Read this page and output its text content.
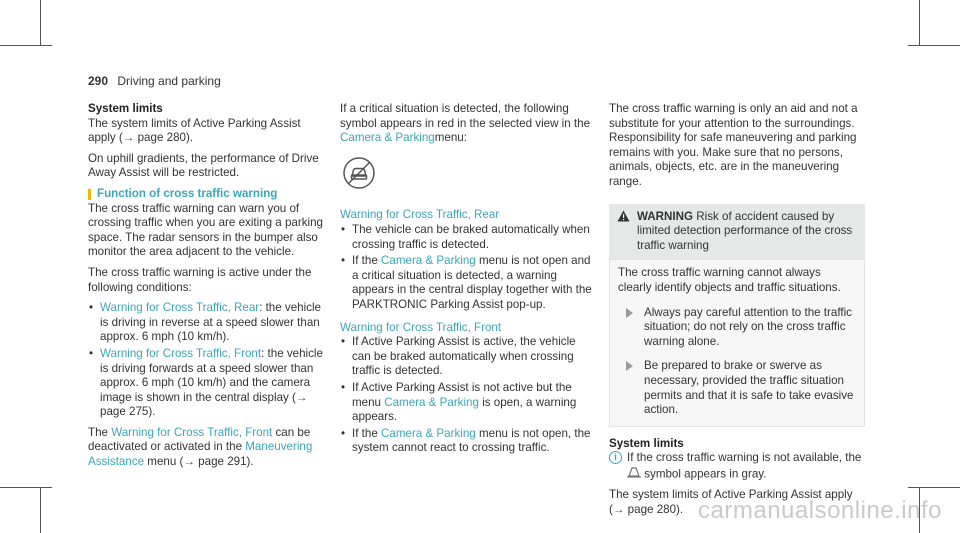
290 Driving and parking

System limits

The system limits of Active Parking Assist apply (→ page 280).

On uphill gradients, the performance of Drive Away Assist will be restricted.

Function of cross traffic warning

The cross traffic warning can warn you of crossing traffic when you are exiting a parking space. The radar sensors in the bumper also monitor the area adjacent to the vehicle.

The cross traffic warning is active under the following conditions:

• Warning for Cross Traffic, Rear: the vehicle is driving in reverse at a speed slower than approx. 6 mph (10 km/h).
• Warning for Cross Traffic, Front: the vehicle is driving forwards at a speed slower than approx. 6 mph (10 km/h) and the camera image is shown in the central display (→ page 275).

The Warning for Cross Traffic, Front can be deactivated or activated in the Maneuvering Assistance menu (→ page 291).

If a critical situation is detected, the following symbol appears in red in the selected view in the Camera & Parkingmenu:

Warning for Cross Traffic, Rear

• The vehicle can be braked automatically when crossing traffic is detected.
• If the Camera & Parking menu is not open and a critical situation is detected, a warning appears in the central display together with the PARKTRONIC Parking Assist pop-up.

Warning for Cross Traffic, Front

• If Active Parking Assist is active, the vehicle can be braked automatically when crossing traffic is detected.
• If Active Parking Assist is not active but the menu Camera & Parking is open, a warning appears.
• If the Camera & Parking menu is not open, the system cannot react to crossing traffic.

The cross traffic warning is only an aid and not a substitute for your attention to the surroundings. Responsibility for safe maneuvering and parking remains with you. Make sure that no persons, animals, objects, etc. are in the maneuvering range.

WARNING Risk of accident caused by limited detection performance of the cross traffic warning
The cross traffic warning cannot always clearly identify objects and traffic situations.
Always pay careful attention to the traffic situation; do not rely on the cross traffic warning alone.
Be prepared to brake or swerve as necessary, provided the traffic situation permits and that it is safe to take evasive action.

System limits

i If the cross traffic warning is not available, the  symbol appears in gray.

The system limits of Active Parking Assist apply (→ page 280). carmanualsonline.info
